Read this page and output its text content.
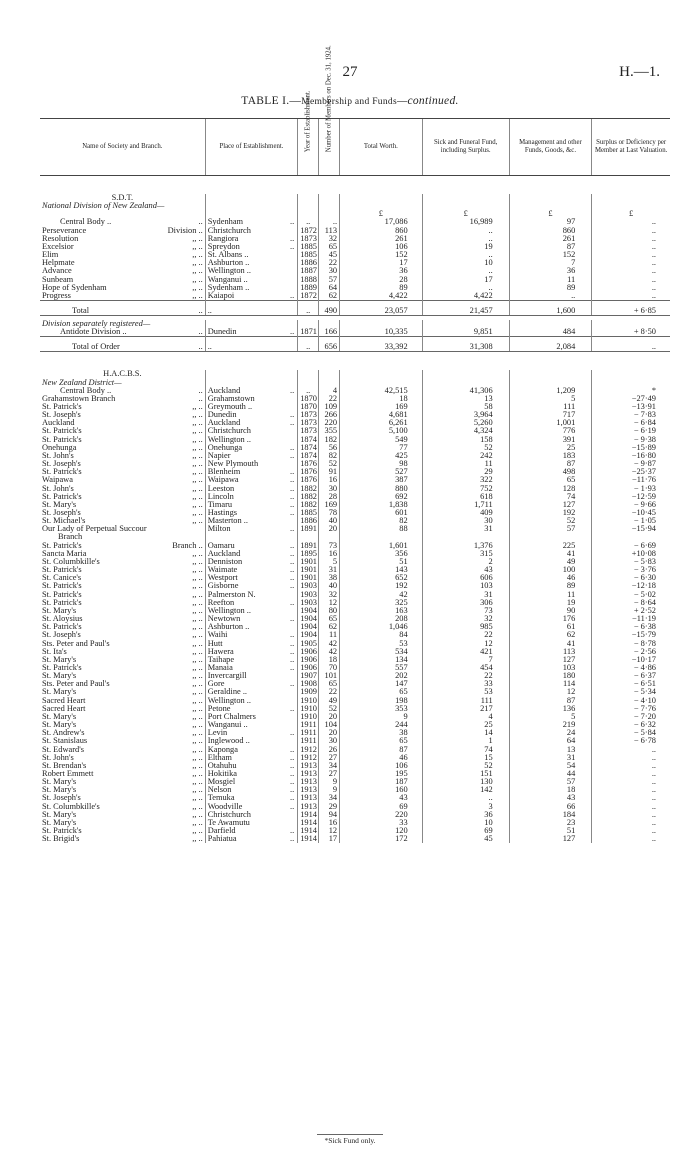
27	H.—1.
TABLE I.—Membership and Funds—continued.
Name of Society and Branch.	Place of Establishment.	Year of Establishment.	Number of Members on Dec. 31, 1924.	Total Worth.	Sick and Funeral Fund, including Surplus.	Management and other Funds, Goods, &c.	Surplus or Deficiency per Member at Last Valuation.

S.D.T.							
National Division of New Zealand—							
				£	£	£	£
Central Body .. ..	Sydenham ..	..	..	17,086	16,989	97	..
Perseverance Division ..	Christchurch	1872	113	860	..	860	..
Resolution ,, ..	Rangiora ..	1873	32	261	..	261	..
Excelsior ,, ..	Spreydon ..	1885	65	106	19	87	..
Elim ,, ..	St. Albans ..	1885	45	152	..	152	..
Helpmate ,, ..	Ashburton ..	1886	22	17	10	7	..
Advance ,, ..	Wellington ..	1887	30	36	..	36	..
Sunbeam ,, ..	Wanganui ..	1888	57	28	17	11	..
Hope of Sydenham ,, ..	Sydenham ..	1889	64	89	..	89	..
Progress ,, ..	Kaiapoi ..	1872	62	4,422	4,422	..	..
Total ..	..	..	490	23,057	21,457	1,600	+ 6·85

Division separately registered—							
Antidote Division .. ..	Dunedin ..	1871	166	10,335	9,851	484	+ 8·50
Total of Order ..	..	..	656	33,392	31,308	2,084	..

H.A.C.B.S.							
New Zealand District—							
Central Body .. ..	Auckland ..	..	4	42,515	41,306	1,209	*
Grahamstown Branch ..	Grahamstown	1870	22	18	13	5	−27·49
St. Patrick's ,, ..	Greymouth ..	1870	109	169	58	111	−13·91
St. Joseph's ,, ..	Dunedin ..	1873	266	4,681	3,964	717	− 7·83
Auckland ,, ..	Auckland ..	1873	220	6,261	5,260	1,001	− 6·84
St. Patrick's ,, ..	Christchurch	1873	355	5,100	4,324	776	− 6·19
St. Patrick's ,, ..	Wellington ..	1874	182	549	158	391	− 9·38
Onehunga ,, ..	Onehunga ..	1874	56	77	52	25	−15·89
St. John's ,, ..	Napier ..	1874	82	425	242	183	−16·80
St. Joseph's ,, ..	New Plymouth	1876	52	98	11	87	− 9·87
St. Patrick's ,, ..	Blenheim ..	1876	91	527	29	498	−25·37
Waipawa ,, ..	Waipawa ..	1876	16	387	322	65	−11·76
St. John's ,, ..	Leeston ..	1882	30	880	752	128	− 1·93
St. Patrick's ,, ..	Lincoln ..	1882	28	692	618	74	−12·59
St. Mary's ,, ..	Timaru ..	1882	169	1,838	1,711	127	− 9·66
St. Joseph's ,, ..	Hastings ..	1885	78	601	409	192	−10·45
St. Michael's ,, ..	Masterton ..	1886	40	82	30	52	− 1·05
Our Lady of Perpetual Succour	Milton ..	1891	20	88	31	57	−15·94
Branch							
St. Patrick's Branch ..	Oamaru ..	1891	73	1,601	1,376	225	− 6·69
Sancta Maria ,, ..	Auckland ..	1895	16	356	315	41	+10·08
St. Columbkille's ,, ..	Denniston ..	1901	5	51	2	49	− 5·83
St. Patrick's ,, ..	Waimate ..	1901	31	143	43	100	− 3·76
St. Canice's ,, ..	Westport ..	1901	38	652	606	46	− 6·30
St. Patrick's ,, ..	Gisborne ..	1903	40	192	103	89	−12·18
St. Patrick's ,, ..	Palmerston N.	1903	32	42	31	11	− 5·02
St. Patrick's ,, ..	Reefton ..	1903	12	325	306	19	− 8·64
St. Mary's ,, ..	Wellington ..	1904	80	163	73	90	+ 2·52
St. Aloysius ,, ..	Newtown ..	1904	65	208	32	176	−11·19
St. Patrick's ,, ..	Ashburton ..	1904	62	1,046	985	61	− 6·38
St. Joseph's ,, ..	Waihi ..	1904	11	84	22	62	−15·79
Sts. Peter and Paul's ,, ..	Hutt ..	1905	42	53	12	41	− 8·78
St. Ita's ,, ..	Hawera ..	1906	42	534	421	113	− 2·56
St. Mary's ,, ..	Taihape ..	1906	18	134	7	127	−10·17
St. Patrick's ,, ..	Manaia ..	1906	70	557	454	103	− 4·86
St. Mary's ,, ..	Invercargill	1907	101	202	22	180	− 6·37
Sts. Peter and Paul's ,, ..	Gore ..	1908	65	147	33	114	− 6·51
St. Mary's ,, ..	Geraldine ..	1909	22	65	53	12	− 5·34
Sacred Heart ,, ..	Wellington ..	1910	49	198	111	87	− 4·10
Sacred Heart ,, ..	Petone ..	1910	52	353	217	136	− 7·76
St. Mary's ,, ..	Port Chalmers	1910	20	9	4	5	− 7·20
St. Mary's ,, ..	Wanganui ..	1911	104	244	25	219	− 6·32
St. Andrew's ,, ..	Levin ..	1911	20	38	14	24	− 5·84
St. Stanislaus ,, ..	Inglewood ..	1911	30	65	1	64	− 6·78
St. Edward's ,, ..	Kaponga ..	1912	26	87	74	13	..
St. John's ,, ..	Eltham ..	1912	27	46	15	31	..
St. Brendan's ,, ..	Otahuhu ..	1913	34	106	52	54	..
Robert Emmett ,, ..	Hokitika ..	1913	27	195	151	44	..
St. Mary's ,, ..	Mosgiel ..	1913	9	187	130	57	..
St. Mary's ,, ..	Nelson ..	1913	9	160	142	18	..
St. Joseph's ,, ..	Temuka ..	1913	34	43	..	43	..
St. Columbkille's ,, ..	Woodville ..	1913	29	69	3	66	..
St. Mary's ,, ..	Christchurch	1914	94	220	36	184	..
St. Mary's ,, ..	Te Awamutu	1914	16	33	10	23	..
St. Patrick's ,, ..	Darfield ..	1914	12	120	69	51	..
St. Brigid's ,, ..	Pahiatua ..	1914	17	172	45	127	..
*Sick Fund only.
